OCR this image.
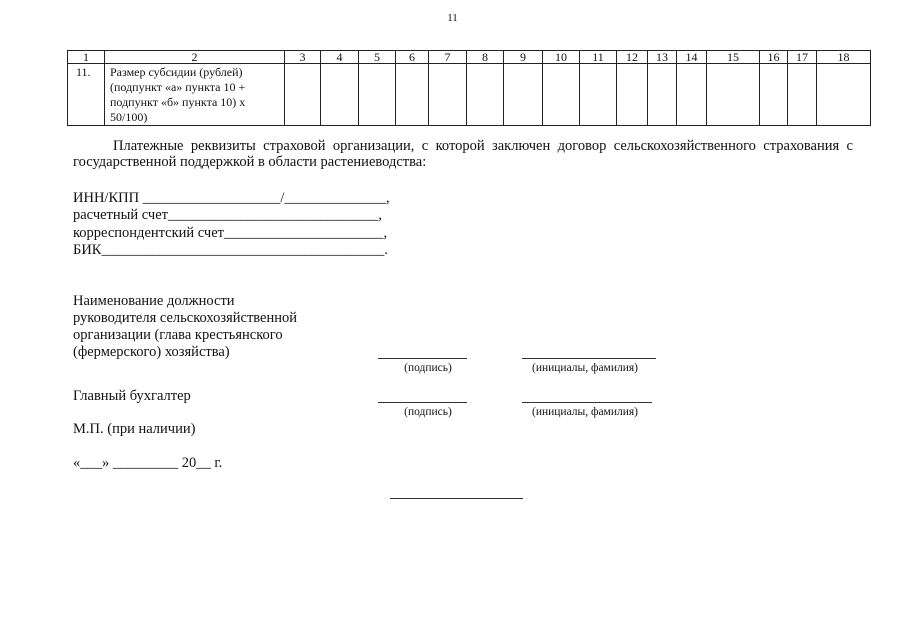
11
1	2	3	4	5	6	7	8	9	10	11	12	13	14	15	16	17	18
11.	Размер субсидии (рублей) (подпункт «а» пункта 10 + подпункт «б» пункта 10) х 50/100)																
Платежные реквизиты страховой организации, с которой заключен договор сельскохозяйственного страхования с государственной поддержкой в области растениеводства:
ИНН/КПП ___________________/______________,
расчетный счет_____________________________,
корреспондентский счет______________________,
БИК_______________________________________.
Наименование должности
руководителя сельскохозяйственной
организации (глава крестьянского
(фермерского) хозяйства)
(подпись)	(инициалы, фамилия)
Главный бухгалтер
(подпись)	(инициалы, фамилия)
М.П. (при наличии)
«___» _________ 20__ г.
